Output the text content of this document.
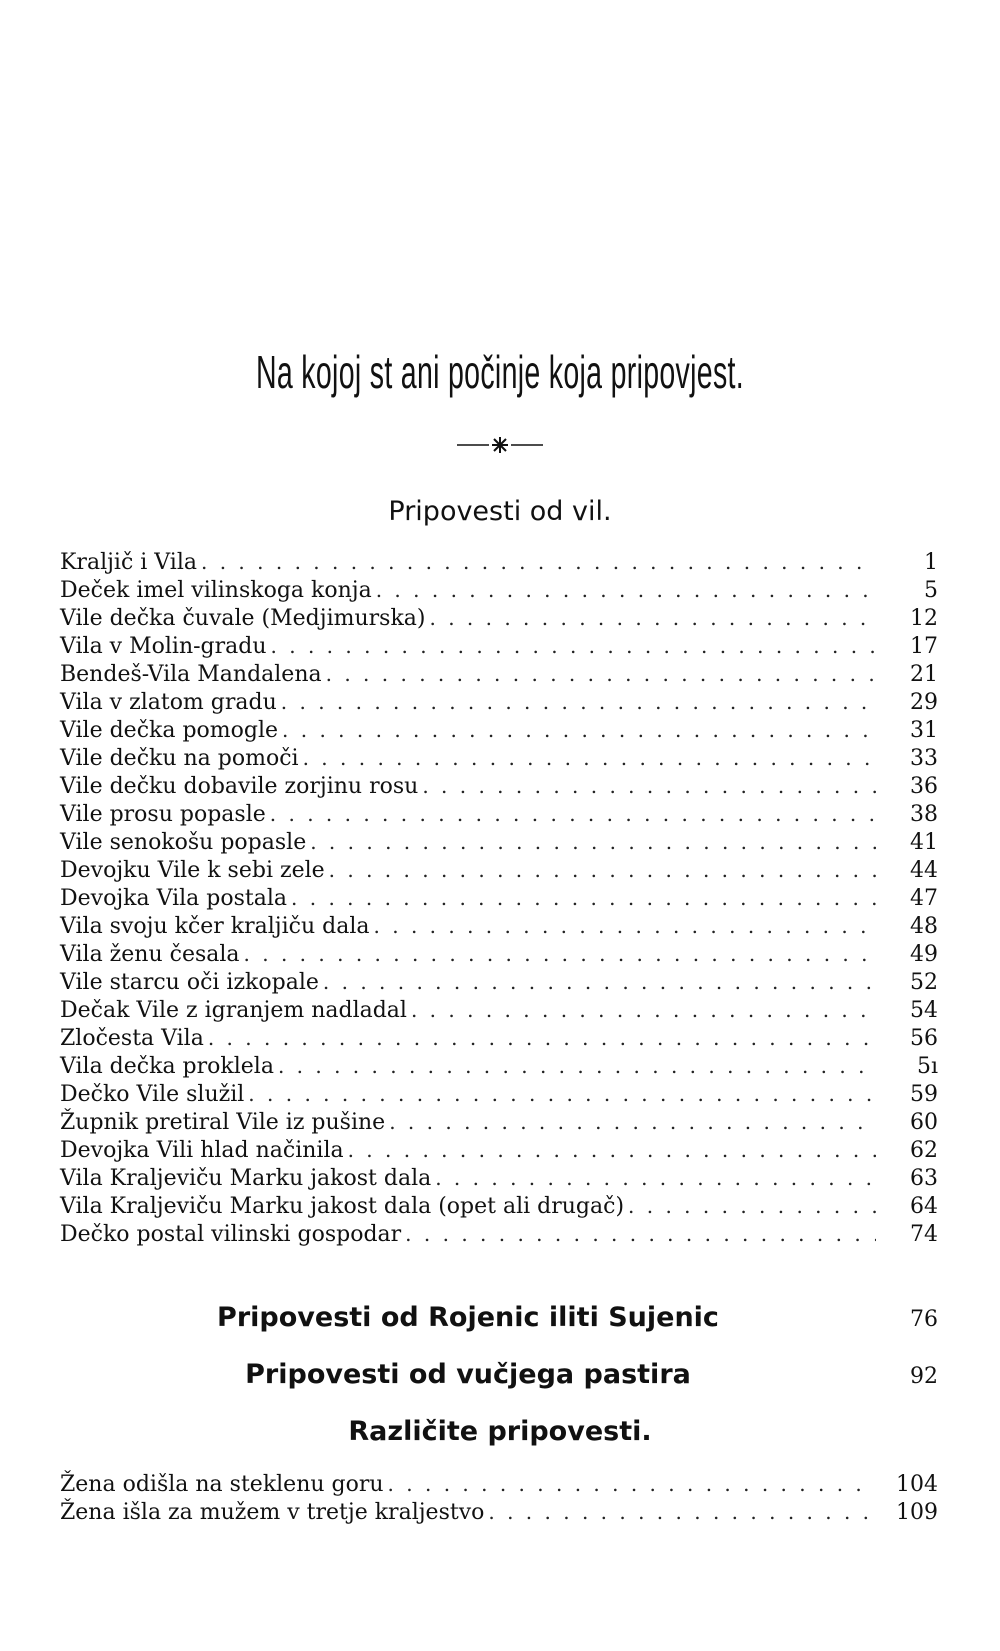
Na kojoj st ani počinje koja pripovjest.
Pripovesti od vil.
Kraljič i Vila . . .	1
Deček imel vilinskoga konja . . .	5
Vile dečka čuvale (Medjimurska) . . .	12
Vila v Molin-gradu . . .	17
Bendeš-Vila Mandalena . . .	21
Vila v zlatom gradu . . .	29
Vile dečka pomogle . . .	31
Vile dečku na pomoči . . .	33
Vile dečku dobavile zorjinu rosu . . .	36
Vile prosu popasle . . .	38
Vile senokošu popasle . . .	41
Devojku Vile k sebi zele . . .	44
Devojka Vila postala . . .	47
Vila svoju kčer kraljiču dala . . .	48
Vila ženu česala . . .	49
Vile starcu oči izkopale . . .	52
Dečak Vile z igranjem nadladal . . .	54
Zločesta Vila . . .	56
Vila dečka proklela . . .	5ı
Dečko Vile služil . . .	59
Župnik pretiral Vile iz pušine . . .	60
Devojka Vili hlad načinila . . .	62
Vila Kraljeviču Marku jakost dala . . .	63
Vila Kraljeviču Marku jakost dala (opet ali drugač) . . .	64
Dečko postal vilinski gospodar . . .	74
Pripovesti od Rojenic iliti Sujenic	76
Pripovesti od vučjega pastira	92
Različite pripovesti.
Žena odišla na steklenu goru . . .	104
Žena išla za mužem v tretje kraljestvo . . .	109
